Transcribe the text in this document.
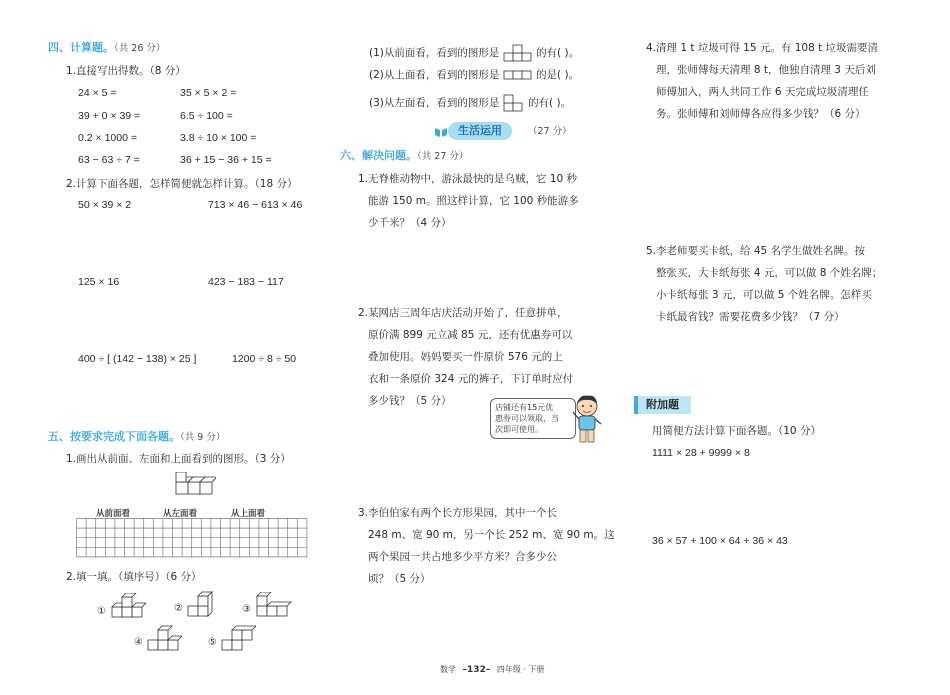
四、计算题。（共 26 分）
1.直接写出得数。（8 分）
24 × 5 =	35 × 5 × 2 =
39 + 0 × 39 =	6.5 ÷ 100 =
0.2 × 1000 =	3.8 ÷ 10 × 100 =
63 − 63 ÷ 7 =	36 + 15 − 36 + 15 =
2.计算下面各题，怎样简便就怎样计算。（18 分）
50 × 39 × 2	713 × 46 − 613 × 46
125 × 16	423 − 183 − 117
400 ÷ [ (142 − 138) × 25 ]	1200 ÷ 8 ÷ 50
五、按要求完成下面各题。（共 9 分）
1.画出从前面、左面和上面看到的图形。（3 分）
从前面看	从左面看	从上面看
2.填一填。（填序号）（6 分）
①	②	③
④	⑤
(1)从前面看，看到的图形是	的有( )。
(2)从上面看，看到的图形是	的是( )。
(3)从左面看，看到的图形是	的有( )。
生活运用	（27 分）
六、解决问题。（共 27 分）
1.无脊椎动物中，游泳最快的是乌贼，它 10 秒
能游 150 m。照这样计算，它 100 秒能游多
少千米？（4 分）
2.某网店三周年店庆活动开始了，任意拼单，
原价满 899 元立减 85 元，还有优惠券可以
叠加使用。妈妈要买一件原价 576 元的上
衣和一条原价 324 元的裤子，下订单时应付
多少钱？（5 分）
店铺还有15元优
惠券可以领取，当
次即可使用。
3.李伯伯家有两个长方形果园，其中一个长
248 m、宽 90 m，另一个长 252 m、宽 90 m。这
两个果园一共占地多少平方米？合多少公
顷？（5 分）
4.清理 1 t 垃圾可得 15 元。有 108 t 垃圾需要清
理，张师傅每天清理 8 t，他独自清理 3 天后刘
师傅加入，两人共同工作 6 天完成垃圾清理任
务。张师傅和刘师傅各应得多少钱？（6 分）
5.李老师要买卡纸，给 45 名学生做姓名牌。按
整张买，大卡纸每张 4 元，可以做 8 个姓名牌；
小卡纸每张 3 元，可以做 5 个姓名牌。怎样买
卡纸最省钱？需要花费多少钱？（7 分）
附加题
用简便方法计算下面各题。（10 分）
1111 × 28 + 9999 × 8
36 × 57 + 100 × 64 + 36 × 43
数学 –132– 四年级 · 下册
